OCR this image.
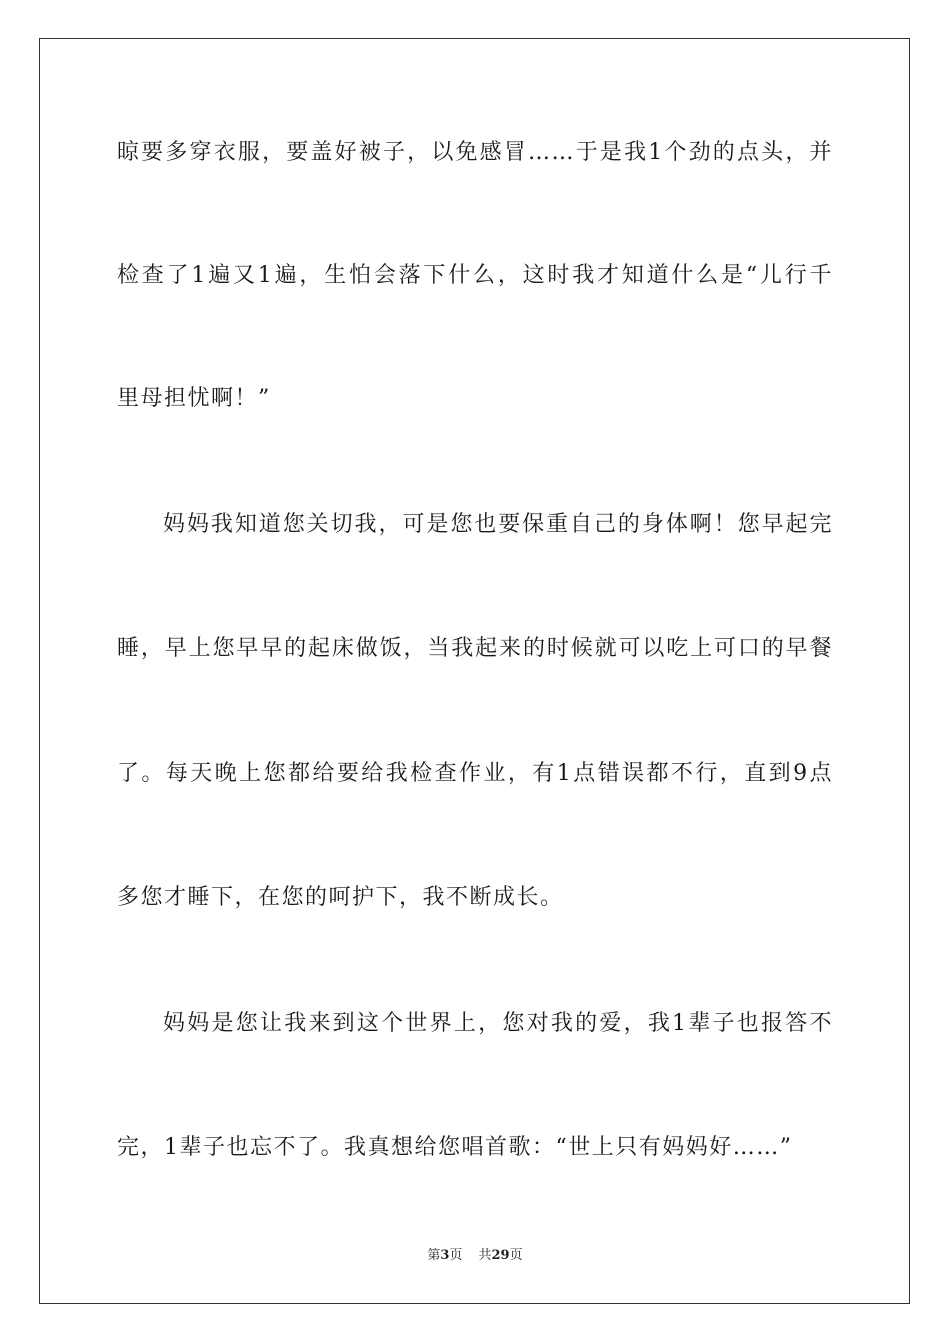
晾要多穿衣服，要盖好被子，以免感冒……于是我1个劲的点头，并
检查了1遍又1遍，生怕会落下什么，这时我才知道什么是“儿行千
里母担忧啊！”
妈妈我知道您关切我，可是您也要保重自己的身体啊！您早起完
睡，早上您早早的起床做饭，当我起来的时候就可以吃上可口的早餐
了。每天晚上您都给要给我检查作业，有1点错误都不行，直到9点
多您才睡下，在您的呵护下，我不断成长。
妈妈是您让我来到这个世界上，您对我的爱，我1辈子也报答不
完，1辈子也忘不了。我真想给您唱首歌：“世上只有妈妈好……”
第3页 共29页
